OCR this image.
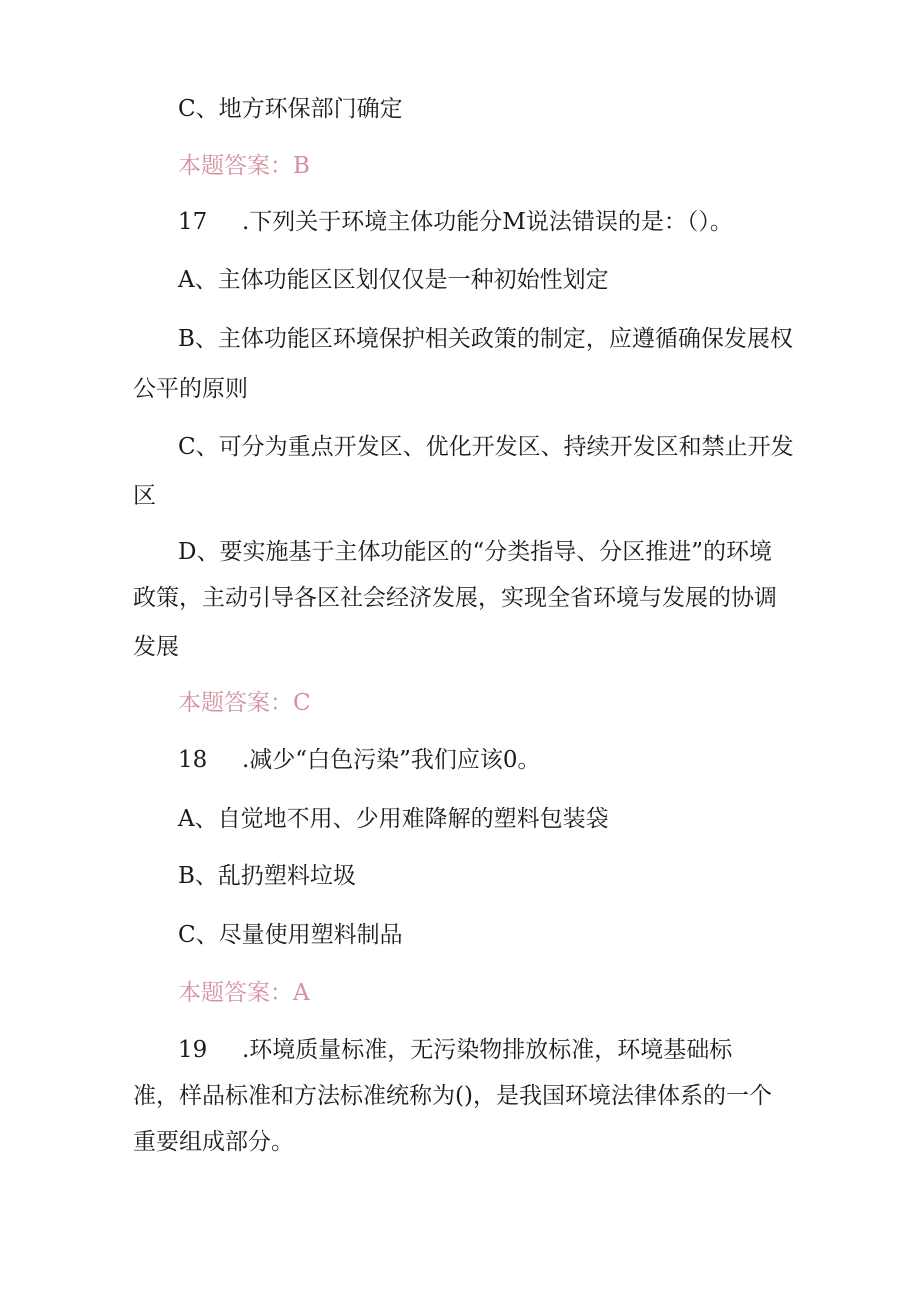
C、地方环保部门确定
本题答案：B
17 .下列关于环境主体功能分M说法错误的是：（）。
A、主体功能区区划仅仅是一种初始性划定
B、主体功能区环境保护相关政策的制定，应遵循确保发展权
公平的原则
C、可分为重点开发区、优化开发区、持续开发区和禁止开发
区
D、要实施基于主体功能区的“分类指导、分区推进”的环境
政策，主动引导各区社会经济发展，实现全省环境与发展的协调
发展
本题答案：C
18 .减少“白色污染”我们应该0。
A、自觉地不用、少用难降解的塑料包装袋
B、乱扔塑料垃圾
C、尽量使用塑料制品
本题答案：A
19 .环境质量标准，无污染物排放标准，环境基础标
准，样品标准和方法标准统称为()，是我国环境法律体系的一个
重要组成部分。
